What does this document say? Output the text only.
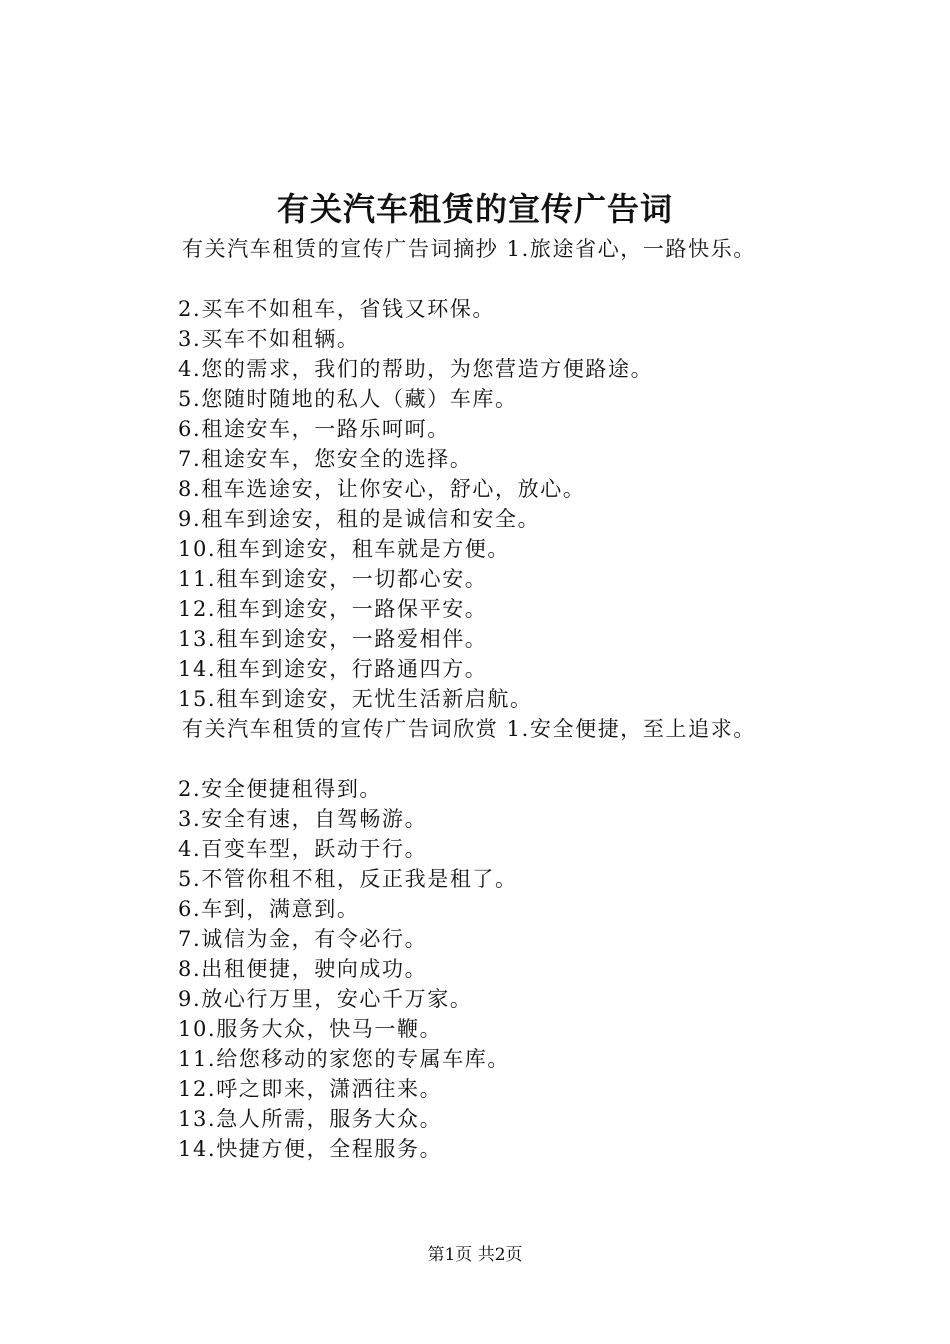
有关汽车租赁的宣传广告词
有关汽车租赁的宣传广告词摘抄 1.旅途省心，一路快乐。
2.买车不如租车，省钱又环保。
3.买车不如租辆。
4.您的需求，我们的帮助，为您营造方便路途。
5.您随时随地的私人（藏）车库。
6.租途安车，一路乐呵呵。
7.租途安车，您安全的选择。
8.租车选途安，让你安心，舒心，放心。
9.租车到途安，租的是诚信和安全。
10.租车到途安，租车就是方便。
11.租车到途安，一切都心安。
12.租车到途安，一路保平安。
13.租车到途安，一路爱相伴。
14.租车到途安，行路通四方。
15.租车到途安，无忧生活新启航。
有关汽车租赁的宣传广告词欣赏 1.安全便捷，至上追求。
2.安全便捷租得到。
3.安全有速，自驾畅游。
4.百变车型，跃动于行。
5.不管你租不租，反正我是租了。
6.车到，满意到。
7.诚信为金，有令必行。
8.出租便捷，驶向成功。
9.放心行万里，安心千万家。
10.服务大众，快马一鞭。
11.给您移动的家您的专属车库。
12.呼之即来，潇洒往来。
13.急人所需，服务大众。
14.快捷方便，全程服务。
第1页 共2页
